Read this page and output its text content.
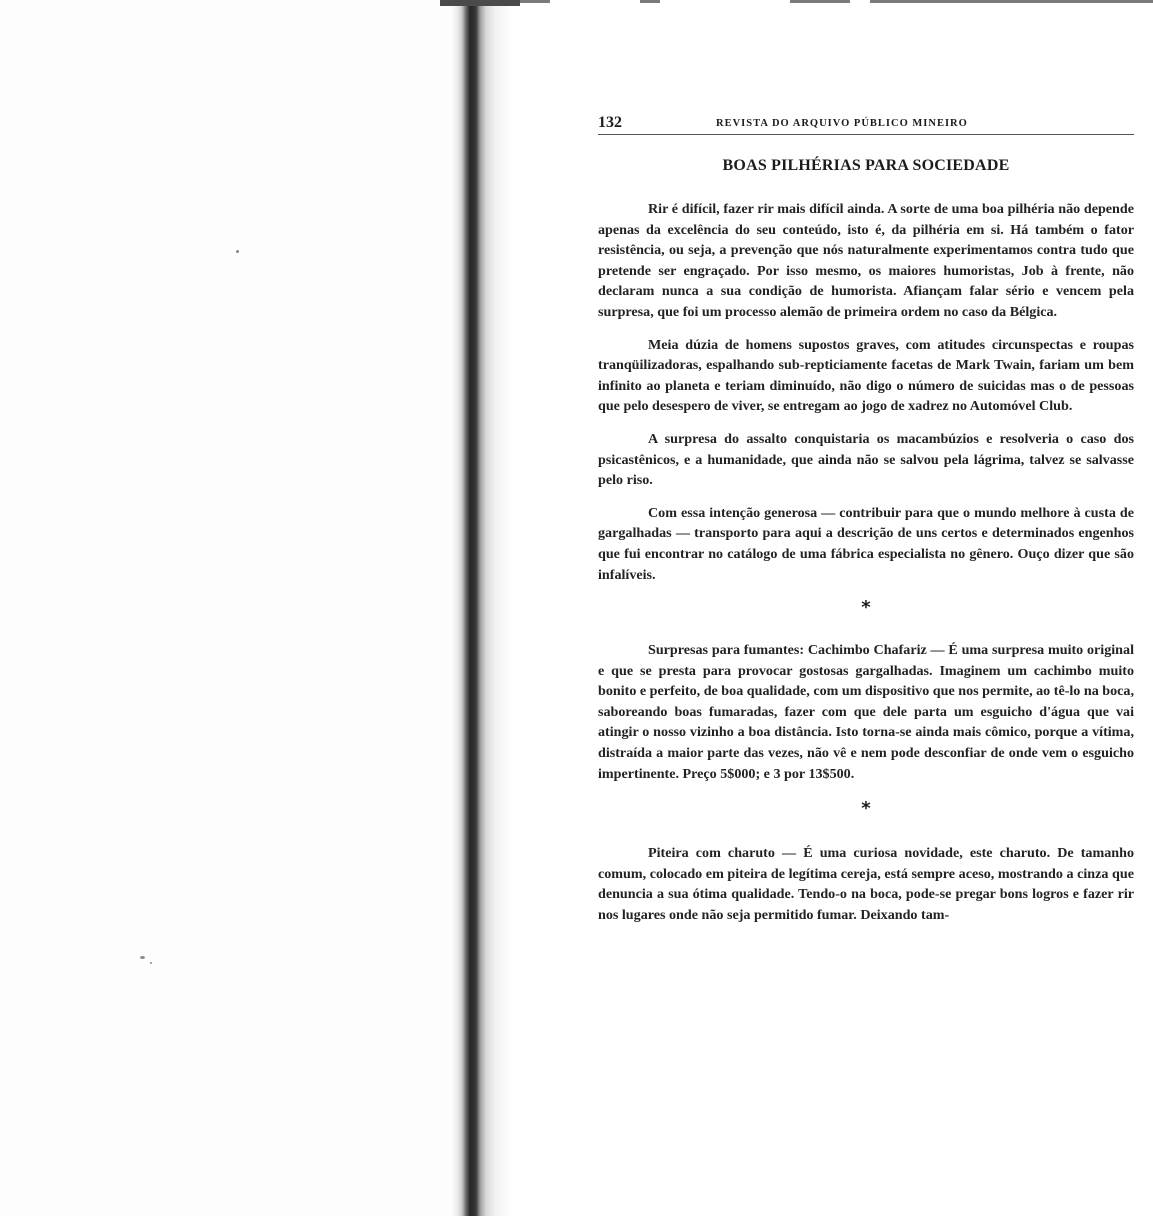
132	REVISTA DO ARQUIVO PÚBLICO MINEIRO
BOAS PILHÉRIAS PARA SOCIEDADE

Rir é difícil, fazer rir mais difícil ainda. A sorte de uma boa pilhéria não depende apenas da excelência do seu conteúdo, isto é, da pilhéria em si. Há também o fator resistência, ou seja, a prevenção que nós naturalmente experimentamos contra tudo que pretende ser engraçado. Por isso mesmo, os maiores humoristas, Job à frente, não declaram nunca a sua condição de humorista. Afiançam falar sério e vencem pela surpresa, que foi um processo alemão de primeira ordem no caso da Bélgica.

Meia dúzia de homens supostos graves, com atitudes circunspectas e roupas tranqüilizadoras, espalhando sub-repticiamente facetas de Mark Twain, fariam um bem infinito ao planeta e teriam diminuído, não digo o número de suicidas mas o de pessoas que pelo desespero de viver, se entregam ao jogo de xadrez no Automóvel Club.

A surpresa do assalto conquistaria os macambúzios e resolveria o caso dos psicastênicos, e a humanidade, que ainda não se salvou pela lágrima, talvez se salvasse pelo riso.

Com essa intenção generosa — contribuir para que o mundo melhore à custa de gargalhadas — transporto para aqui a descrição de uns certos e determinados engenhos que fui encontrar no catálogo de uma fábrica especialista no gênero. Ouço dizer que são infalíveis.

*

Surpresas para fumantes: Cachimbo Chafariz — É uma surpresa muito original e que se presta para provocar gostosas gargalhadas. Imaginem um cachimbo muito bonito e perfeito, de boa qualidade, com um dispositivo que nos permite, ao tê-lo na boca, saboreando boas fumaradas, fazer com que dele parta um esguicho d'água que vai atingir o nosso vizinho a boa distância. Isto torna-se ainda mais cômico, porque a vítima, distraída a maior parte das vezes, não vê e nem pode desconfiar de onde vem o esguicho impertinente. Preço 5$000; e 3 por 13$500.

*

Piteira com charuto — É uma curiosa novidade, este charuto. De tamanho comum, colocado em piteira de legítima cereja, está sempre aceso, mostrando a cinza que denuncia a sua ótima qualidade. Tendo-o na boca, pode-se pregar bons logros e fazer rir nos lugares onde não seja permitido fumar. Deixando tam-
